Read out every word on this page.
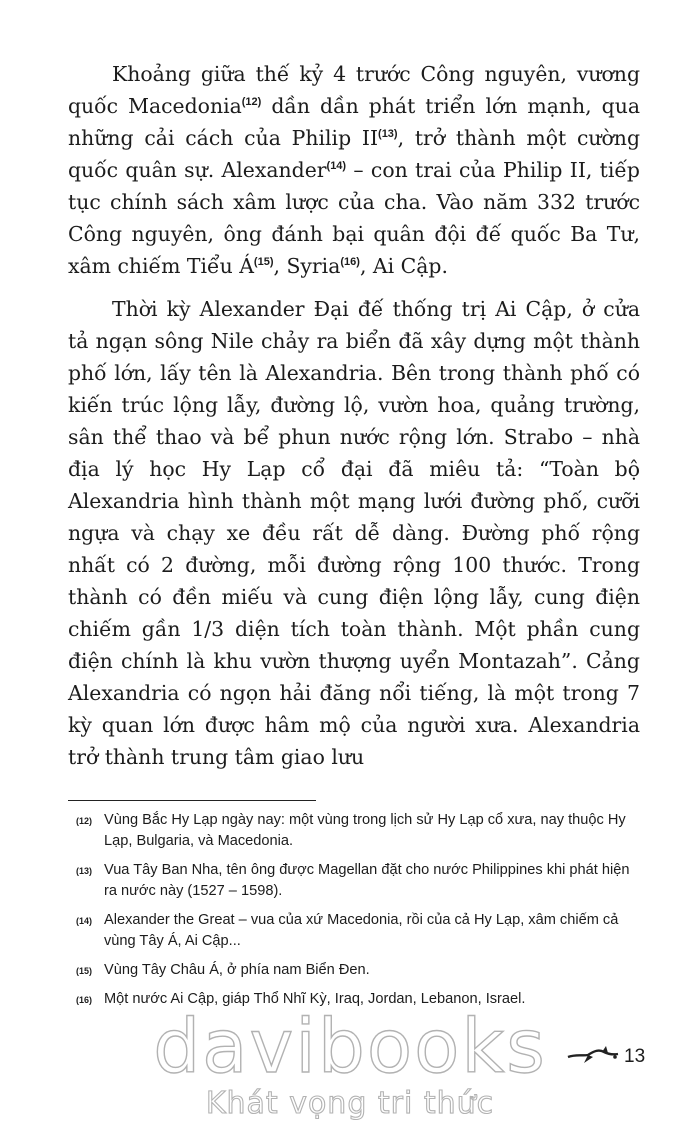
Khoảng giữa thế kỷ 4 trước Công nguyên, vương quốc Macedonia$^{(12)}$ dần dần phát triển lớn mạnh, qua những cải cách của Philip II$^{(13)}$, trở thành một cường quốc quân sự. Alexander$^{(14)}$ – con trai của Philip II, tiếp tục chính sách xâm lược của cha. Vào năm 332 trước Công nguyên, ông đánh bại quân đội đế quốc Ba Tư, xâm chiếm Tiểu $Á^{(15)}$, Syria$^{(16)}$, Ai Cập.

Thời kỳ Alexander Đại đế thống trị Ai Cập, ở cửa tả ngạn sông Nile chảy ra biển đã xây dựng một thành phố lớn, lấy tên là Alexandria. Bên trong thành phố có kiến trúc lộng lẫy, đường lộ, vườn hoa, quảng trường, sân thể thao và bể phun nước rộng lớn. Strabo – nhà địa lý học Hy Lạp cổ đại đã miêu tả: “Toàn bộ Alexandria hình thành một mạng lưới đường phố, cưỡi ngựa và chạy xe đều rất dễ dàng. Đường phố rộng nhất có 2 đường, mỗi đường rộng 100 thước. Trong thành có đền miếu và cung điện lộng lẫy, cung điện chiếm gần 1/3 diện tích toàn thành. Một phần cung điện chính là khu vườn thượng uyển Montazah”. Cảng Alexandria có ngọn hải đăng nổi tiếng, là một trong 7 kỳ quan lớn được hâm mộ của người xưa. Alexandria trở thành trung tâm giao lưu

(12) Vùng Bắc Hy Lạp ngày nay: một vùng trong lịch sử Hy Lạp cổ xưa, nay thuộc Hy Lạp, Bulgaria, và Macedonia.
(13) Vua Tây Ban Nha, tên ông được Magellan đặt cho nước Philippines khi phát hiện ra nước này (1527 – 1598).
(14) Alexander the Great – vua của xứ Macedonia, rồi của cả Hy Lạp, xâm chiếm cả vùng Tây Á, Ai Cập...
(15) Vùng Tây Châu Á, ở phía nam Biển Đen.
(16) Một nước Ai Cập, giáp Thổ Nhĩ Kỳ, Iraq, Jordan, Lebanon, Israel.
13
davibooks
Khát vọng tri thức
